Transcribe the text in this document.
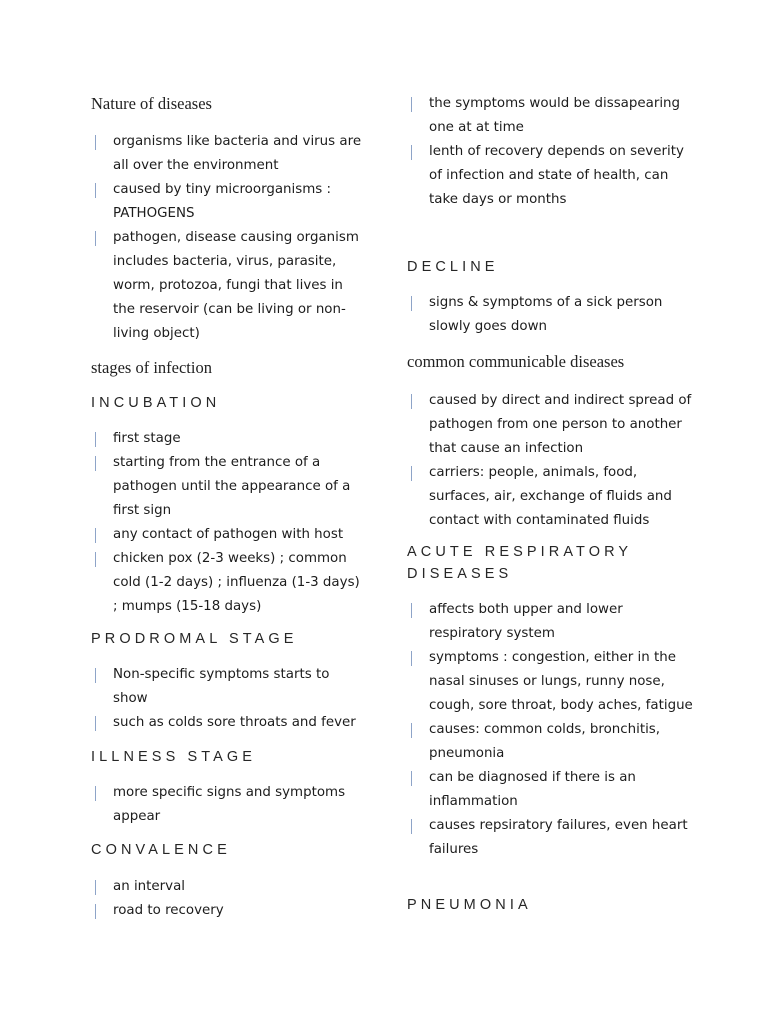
Nature of diseases
organisms like bacteria and virus are all over the environment
caused by tiny microorganisms : PATHOGENS
pathogen, disease causing organism includes bacteria, virus, parasite, worm, protozoa, fungi that lives in the reservoir (can be living or non-living object)
stages of infection
INCUBATION
first stage
starting from the entrance of a pathogen until the appearance of a first sign
any contact of pathogen with host
chicken pox (2-3 weeks) ; common cold (1-2 days) ; influenza (1-3 days) ; mumps (15-18 days)
PRODROMAL STAGE
Non-specific symptoms starts to show
such as colds sore throats and fever
ILLNESS STAGE
more specific signs and symptoms appear
CONVALENCE
an interval
road to recovery
the symptoms would be dissapearing one at at time
lenth of recovery depends on severity of infection and state of health, can take days or months
DECLINE
signs & symptoms of a sick person slowly goes down
common communicable diseases
caused by direct and indirect spread of pathogen from one person to another that cause an infection
carriers: people, animals, food, surfaces, air, exchange of fluids and contact with contaminated fluids
ACUTE RESPIRATORY DISEASES
affects both upper and lower respiratory system
symptoms : congestion, either in the nasal sinuses or lungs, runny nose, cough, sore throat, body aches, fatigue
causes: common colds, bronchitis, pneumonia
can be diagnosed if there is an inflammation
causes repsiratory failures, even heart failures
PNEUMONIA
